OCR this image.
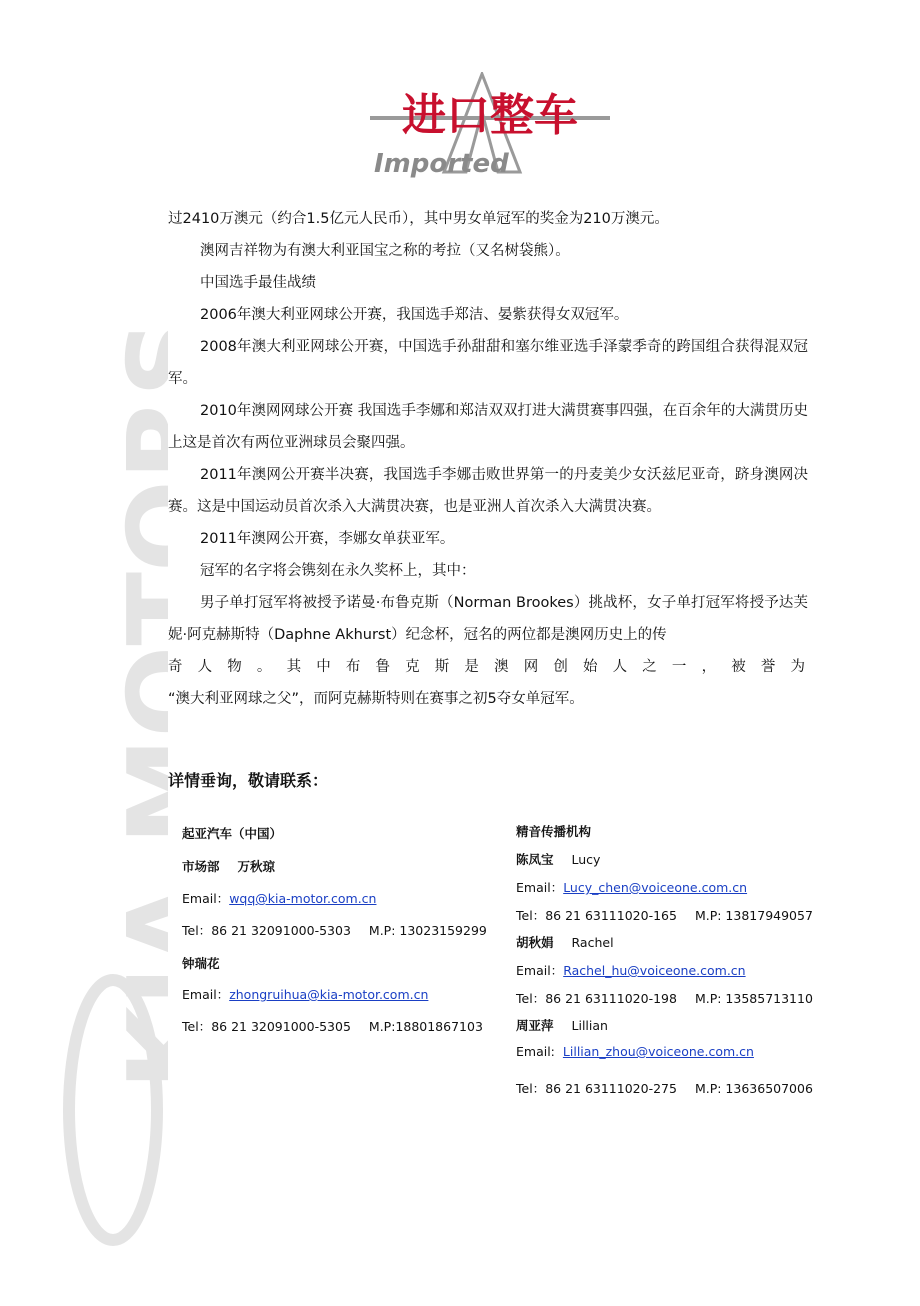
KIA MOTORS
进口整车
Imported

过2410万澳元（约合1.5亿元人民币），其中男女单冠军的奖金为210万澳元。

澳网吉祥物为有澳大利亚国宝之称的考拉（又名树袋熊）。

中国选手最佳战绩

2006年澳大利亚网球公开赛，我国选手郑洁、晏紫获得女双冠军。

2008年澳大利亚网球公开赛，中国选手孙甜甜和塞尔维亚选手泽蒙季奇的跨国组合获得混双冠军。

2010年澳网网球公开赛 我国选手李娜和郑洁双双打进大满贯赛事四强，在百余年的大满贯历史上这是首次有两位亚洲球员会聚四强。

2011年澳网公开赛半决赛，我国选手李娜击败世界第一的丹麦美少女沃兹尼亚奇，跻身澳网决赛。这是中国运动员首次杀入大满贯决赛，也是亚洲人首次杀入大满贯决赛。

2011年澳网公开赛，李娜女单获亚军。

冠军的名字将会镌刻在永久奖杯上，其中：

男子单打冠军将被授予诺曼·布鲁克斯（Norman Brookes）挑战杯，女子单打冠军将授予达芙妮·阿克赫斯特（Daphne Akhurst）纪念杯，冠名的两位都是澳网历史上的传

奇人物。其中布鲁克斯是澳网创始人之一，被誉为

“澳大利亚网球之父”，而阿克赫斯特则在赛事之初5夺女单冠军。

详情垂询，敬请联系：
起亚汽车（中国）
市场部 万秋琼
Email：wqq@kia-motor.com.cn
Tel：86 21 32091000-5303 M.P: 13023159299
钟瑞花
Email：zhongruihua@kia-motor.com.cn
Tel：86 21 32091000-5305 M.P:18801867103
精音传播机构
陈凤宝 Lucy
Email：Lucy_chen@voiceone.com.cn
Tel：86 21 63111020-165 M.P: 13817949057
胡秋娟 Rachel
Email：Rachel_hu@voiceone.com.cn
Tel：86 21 63111020-198 M.P: 13585713110
周亚萍 Lillian
Email: Lillian_zhou@voiceone.com.cn
Tel：86 21 63111020-275 M.P: 13636507006
